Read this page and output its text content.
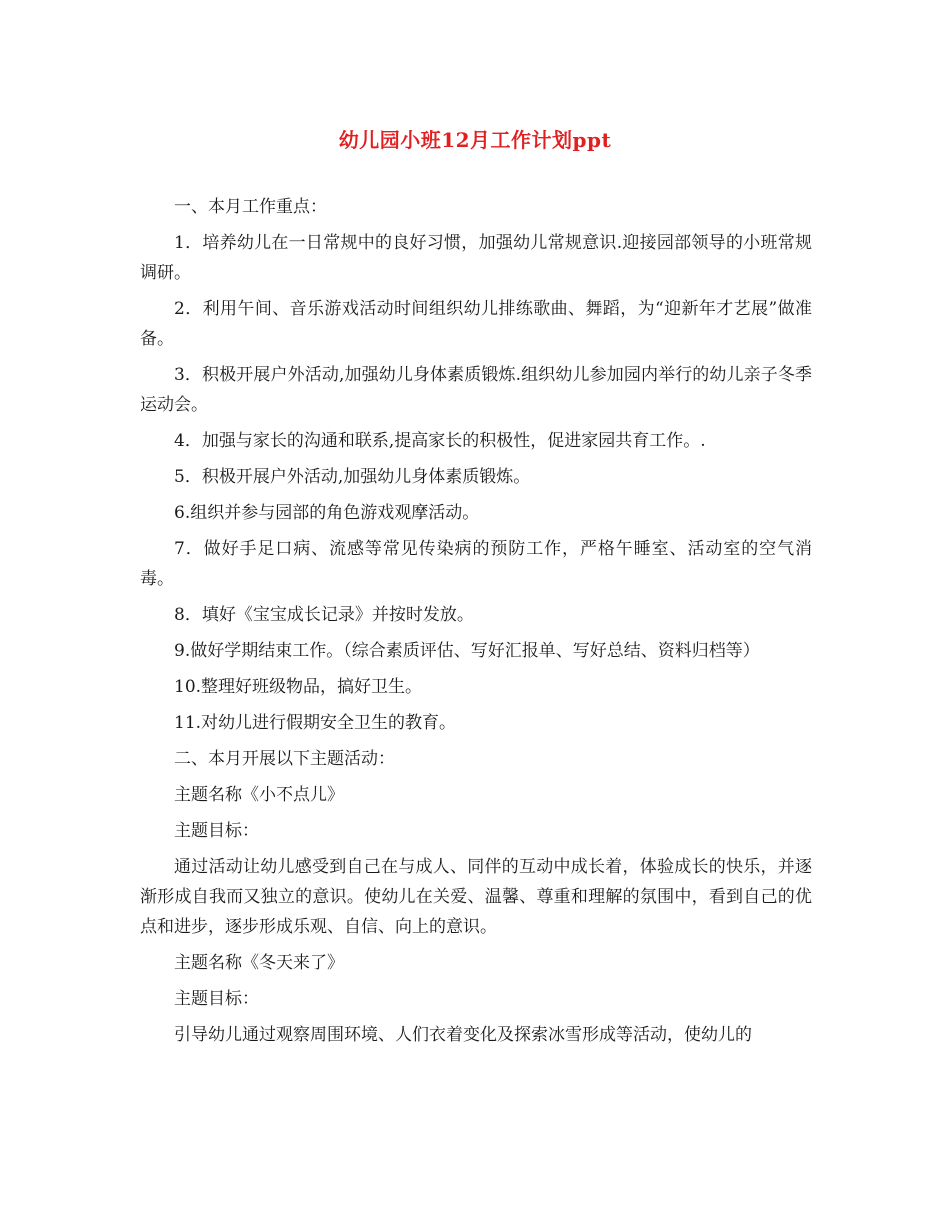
幼儿园小班12月工作计划ppt

一、本月工作重点：

1．培养幼儿在一日常规中的良好习惯，加强幼儿常规意识.迎接园部领导的小班常规调研。

2．利用午间、音乐游戏活动时间组织幼儿排练歌曲、舞蹈，为“迎新年才艺展”做准备。

3．积极开展户外活动,加强幼儿身体素质锻炼.组织幼儿参加园内举行的幼儿亲子冬季运动会。

4．加强与家长的沟通和联系,提高家长的积极性，促进家园共育工作。.

5．积极开展户外活动,加强幼儿身体素质锻炼。

6.组织并参与园部的角色游戏观摩活动。

7．做好手足口病、流感等常见传染病的预防工作，严格午睡室、活动室的空气消毒。

8．填好《宝宝成长记录》并按时发放。

9.做好学期结束工作。（综合素质评估、写好汇报单、写好总结、资料归档等）

10.整理好班级物品，搞好卫生。

11.对幼儿进行假期安全卫生的教育。

二、本月开展以下主题活动：

主题名称《小不点儿》

主题目标：

通过活动让幼儿感受到自己在与成人、同伴的互动中成长着，体验成长的快乐，并逐渐形成自我而又独立的意识。使幼儿在关爱、温馨、尊重和理解的氛围中，看到自己的优点和进步，逐步形成乐观、自信、向上的意识。

主题名称《冬天来了》

主题目标：

引导幼儿通过观察周围环境、人们衣着变化及探索冰雪形成等活动，使幼儿的
